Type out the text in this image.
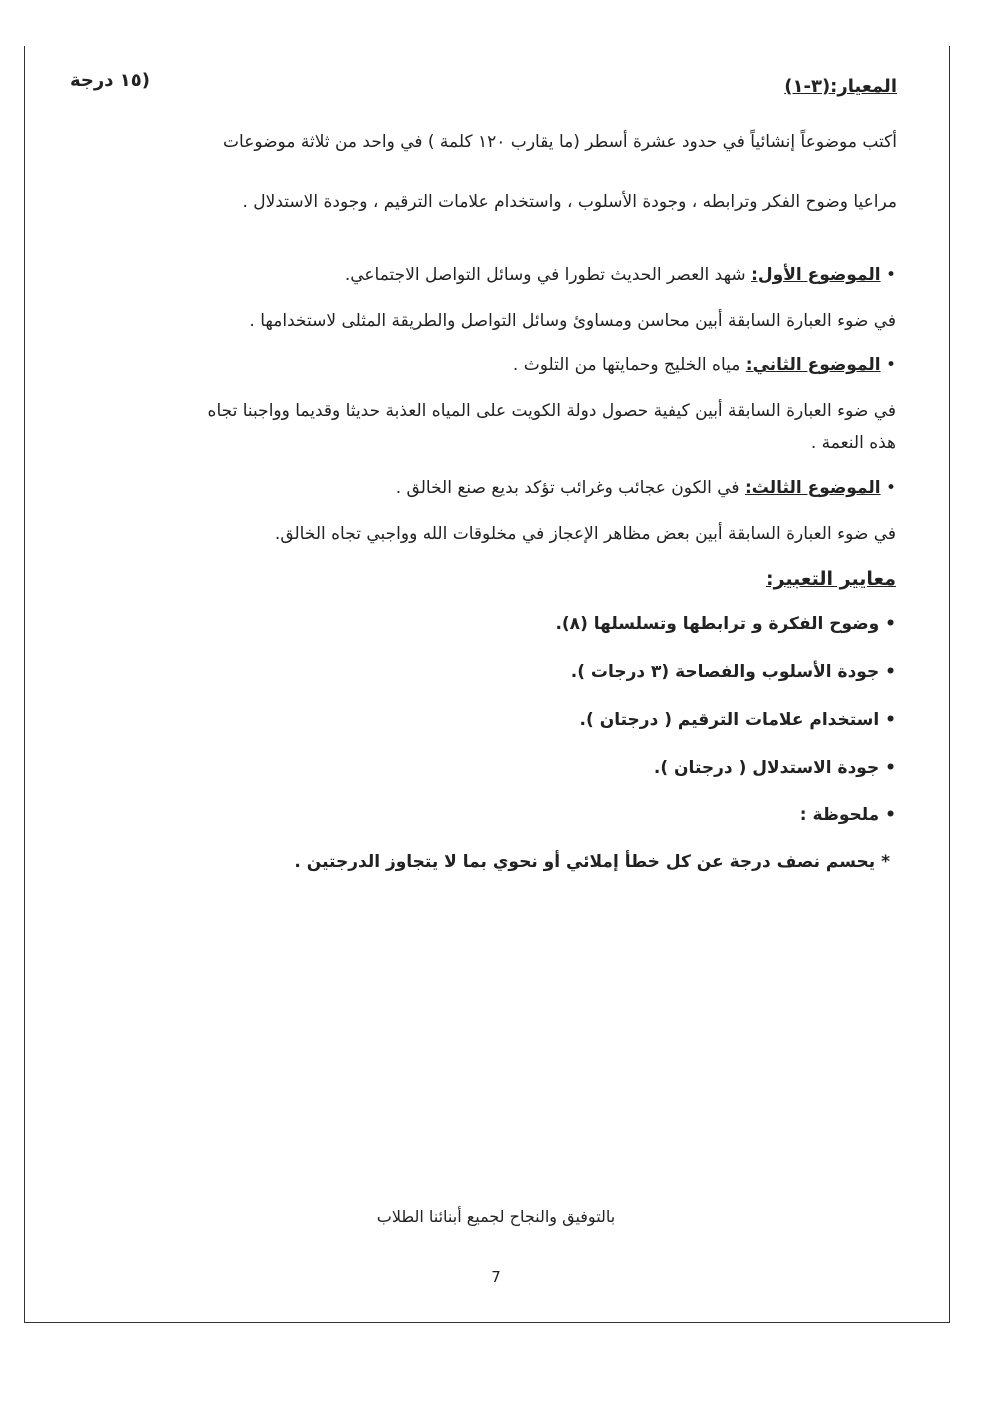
المعيار:(٣-١)
(١٥ درجة
أكتب موضوعاً إنشائياً في حدود عشرة أسطر (ما يقارب ١٢٠ كلمة ) في واحد من ثلاثة موضوعات
مراعيا وضوح الفكر وترابطه ، وجودة الأسلوب ، واستخدام علامات الترقيم ، وجودة الاستدلال .
• الموضوع الأول: شهد العصر الحديث تطورا في وسائل التواصل الاجتماعي.
في ضوء العبارة السابقة أبين محاسن ومساوئ وسائل التواصل والطريقة المثلى لاستخدامها .
• الموضوع الثاني: مياه الخليج وحمايتها من التلوث .
في ضوء العبارة السابقة أبين كيفية حصول دولة الكويت على المياه العذبة حديثا وقديما وواجبنا تجاه
هذه النعمة .
• الموضوع الثالث: في الكون عجائب وغرائب تؤكد بديع صنع الخالق .
في ضوء العبارة السابقة أبين بعض مظاهر الإعجاز في مخلوقات الله وواجبي تجاه الخالق.
معايير التعبير:
• وضوح الفكرة و ترابطها وتسلسلها (٨).
• جودة الأسلوب والفصاحة (٣ درجات ).
• استخدام علامات الترقيم ( درجتان ).
• جودة الاستدلال ( درجتان ).
• ملحوظة :
* يحسم نصف درجة عن كل خطأ إملائي أو نحوي بما لا يتجاوز الدرجتين .
بالتوفيق والنجاح لجميع أبنائنا الطلاب
7
